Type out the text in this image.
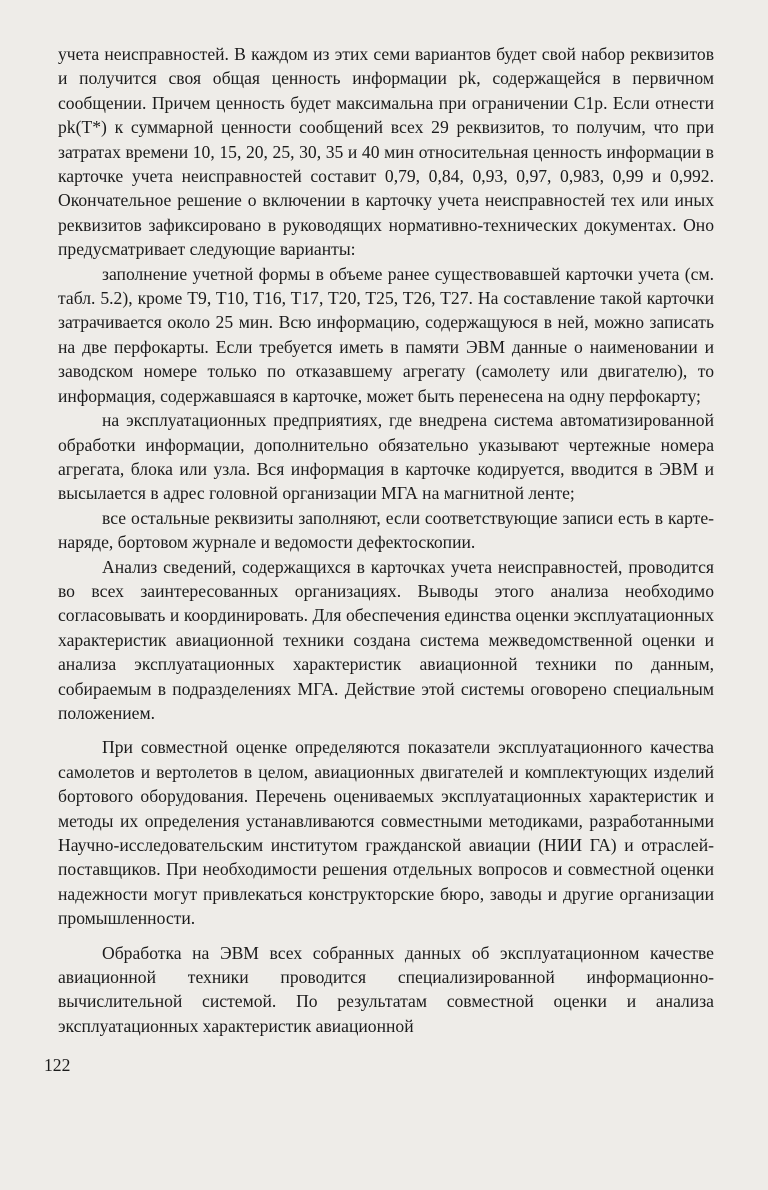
учета неисправностей. В каждом из этих семи вариантов будет свой набор реквизитов и получится своя общая ценность информации pk, содержащейся в первичном сообщении. Причем ценность будет максимальна при ограничении C1p. Если отнести pk(T*) к суммарной ценности сообщений всех 29 реквизитов, то получим, что при затратах времени 10, 15, 20, 25, 30, 35 и 40 мин относительная ценность информации в карточке учета неисправностей составит 0,79, 0,84, 0,93, 0,97, 0,983, 0,99 и 0,992. Окончательное решение о включении в карточку учета неисправностей тех или иных реквизитов зафиксировано в руководящих нормативно-технических документах. Оно предусматривает следующие варианты:

заполнение учетной формы в объеме ранее существовавшей карточки учета (см. табл. 5.2), кроме T9, T10, T16, T17, T20, T25, T26, T27. На составление такой карточки затрачивается около 25 мин. Всю информацию, содержащуюся в ней, можно записать на две перфокарты. Если требуется иметь в памяти ЭВМ данные о наименовании и заводском номере только по отказавшему агрегату (самолету или двигателю), то информация, содержавшаяся в карточке, может быть перенесена на одну перфокарту;

на эксплуатационных предприятиях, где внедрена система автоматизированной обработки информации, дополнительно обязательно указывают чертежные номера агрегата, блока или узла. Вся информация в карточке кодируется, вводится в ЭВМ и высылается в адрес головной организации МГА на магнитной ленте;

все остальные реквизиты заполняют, если соответствующие записи есть в карте-наряде, бортовом журнале и ведомости дефектоскопии.

Анализ сведений, содержащихся в карточках учета неисправностей, проводится во всех заинтересованных организациях. Выводы этого анализа необходимо согласовывать и координировать. Для обеспечения единства оценки эксплуатационных характеристик авиационной техники создана система межведомственной оценки и анализа эксплуатационных характеристик авиационной техники по данным, собираемым в подразделениях МГА. Действие этой системы оговорено специальным положением.

При совместной оценке определяются показатели эксплуатационного качества самолетов и вертолетов в целом, авиационных двигателей и комплектующих изделий бортового оборудования. Перечень оцениваемых эксплуатационных характеристик и методы их определения устанавливаются совместными методиками, разработанными Научно-исследовательским институтом гражданской авиации (НИИ ГА) и отраслей-поставщиков. При необходимости решения отдельных вопросов и совместной оценки надежности могут привлекаться конструкторские бюро, заводы и другие организации промышленности.

Обработка на ЭВМ всех собранных данных об эксплуатационном качестве авиационной техники проводится специализированной информационно-вычислительной системой. По результатам совместной оценки и анализа эксплуатационных характеристик авиационной

122
